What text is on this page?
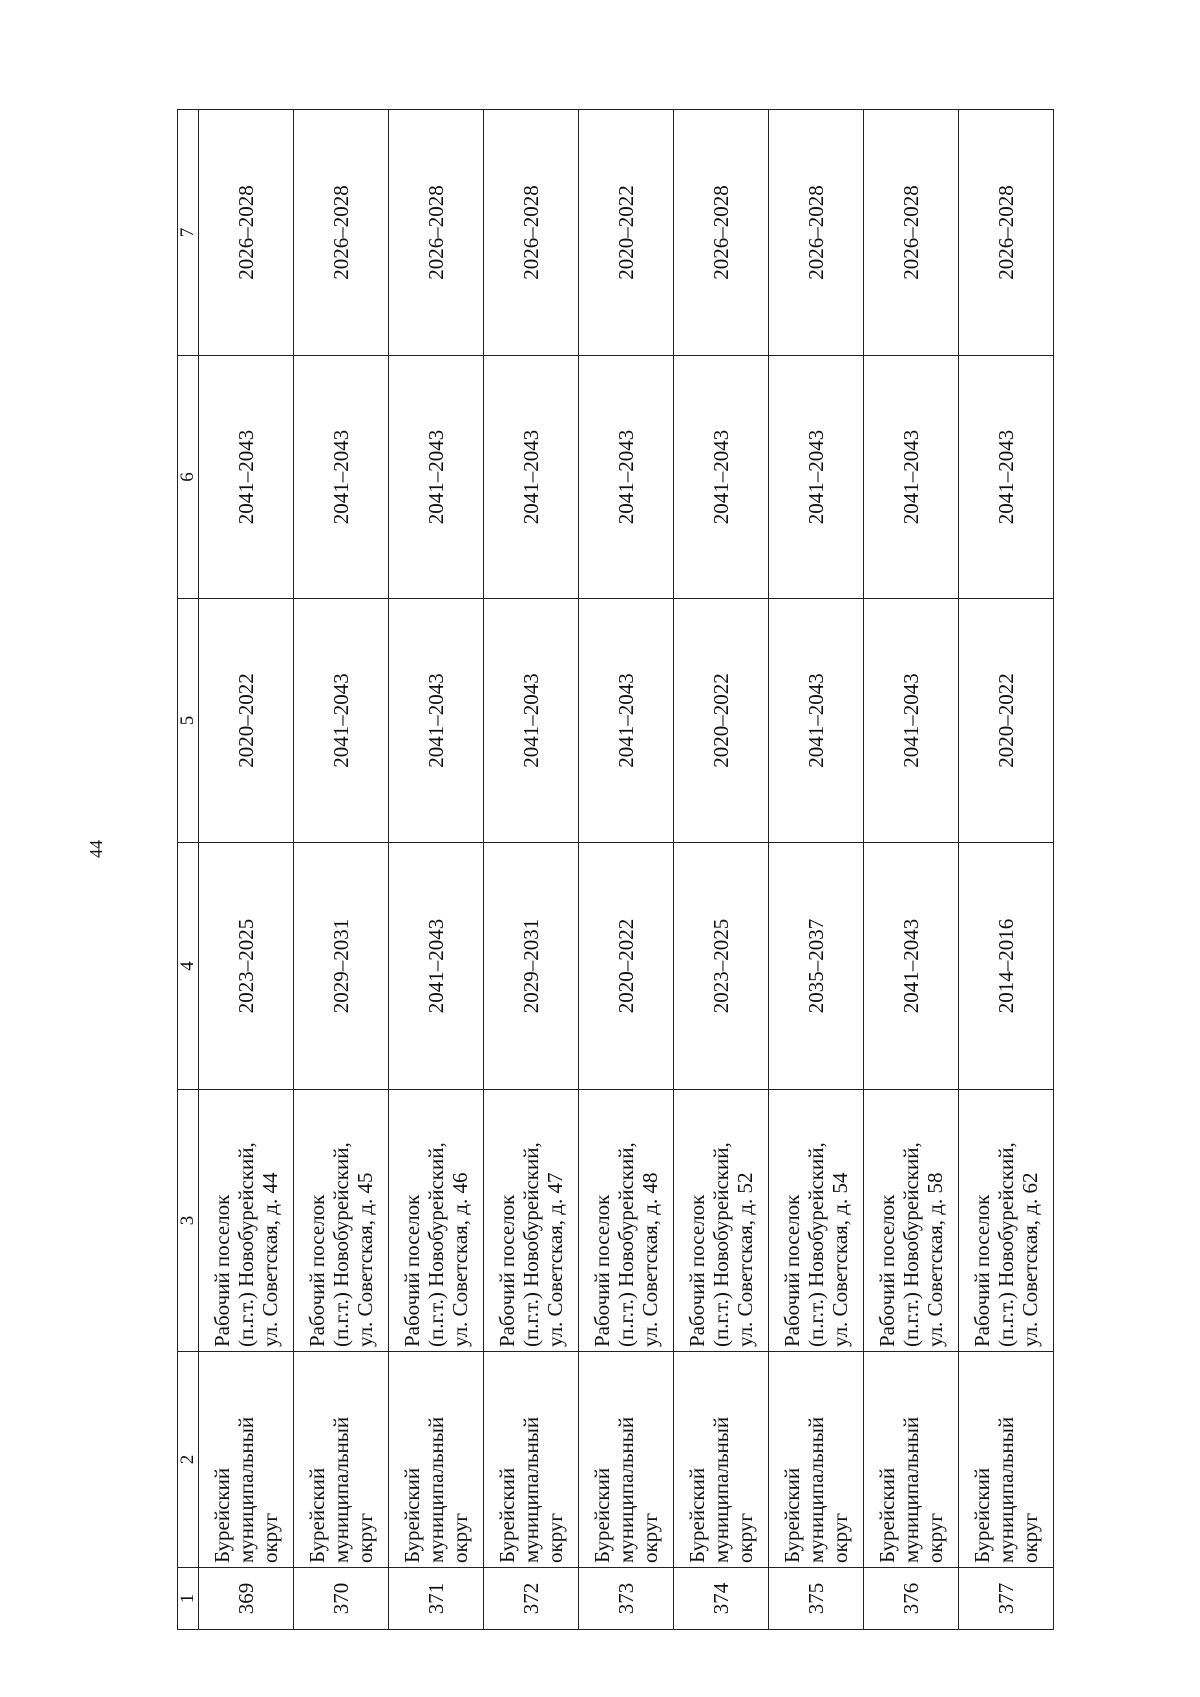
44
1	2	3	4	5	6	7
369	Бурейский муниципальный округ	Рабочий поселок (п.г.т.) Новобурейский, ул. Советская, д. 44	2023–2025	2020–2022	2041–2043	2026–2028
370	Бурейский муниципальный округ	Рабочий поселок (п.г.т.) Новобурейский, ул. Советская, д. 45	2029–2031	2041–2043	2041–2043	2026–2028
371	Бурейский муниципальный округ	Рабочий поселок (п.г.т.) Новобурейский, ул. Советская, д. 46	2041–2043	2041–2043	2041–2043	2026–2028
372	Бурейский муниципальный округ	Рабочий поселок (п.г.т.) Новобурейский, ул. Советская, д. 47	2029–2031	2041–2043	2041–2043	2026–2028
373	Бурейский муниципальный округ	Рабочий поселок (п.г.т.) Новобурейский, ул. Советская, д. 48	2020–2022	2041–2043	2041–2043	2020–2022
374	Бурейский муниципальный округ	Рабочий поселок (п.г.т.) Новобурейский, ул. Советская, д. 52	2023–2025	2020–2022	2041–2043	2026–2028
375	Бурейский муниципальный округ	Рабочий поселок (п.г.т.) Новобурейский, ул. Советская, д. 54	2035–2037	2041–2043	2041–2043	2026–2028
376	Бурейский муниципальный округ	Рабочий поселок (п.г.т.) Новобурейский, ул. Советская, д. 58	2041–2043	2041–2043	2041–2043	2026–2028
377	Бурейский муниципальный округ	Рабочий поселок (п.г.т.) Новобурейский, ул. Советская, д. 62	2014–2016	2020–2022	2041–2043	2026–2028
